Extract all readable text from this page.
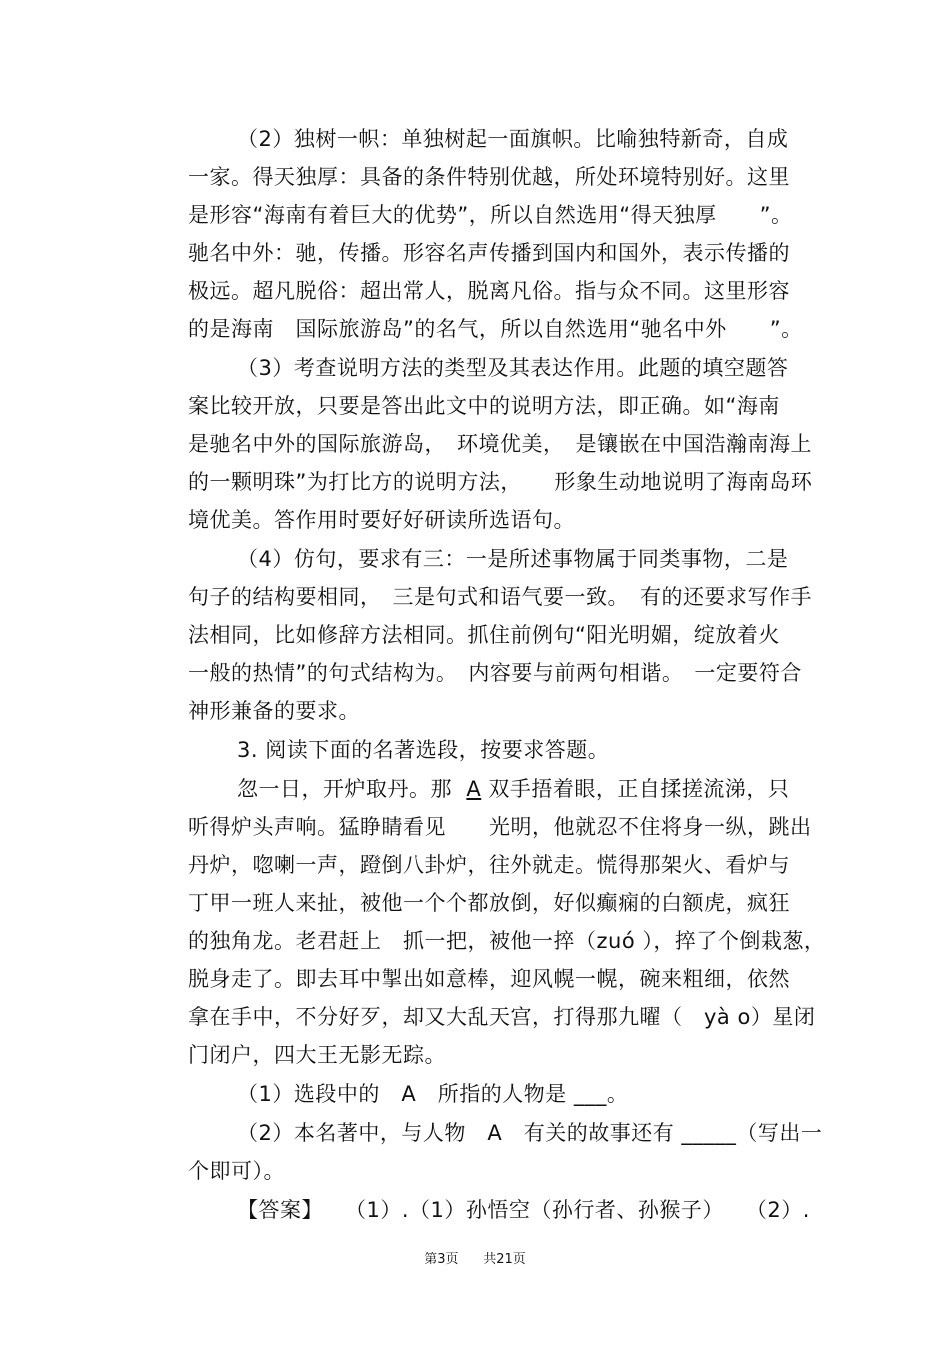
（2）独树一帜：单独树起一面旗帜。比喻独特新奇，自成
一家。得天独厚：具备的条件特别优越，所处环境特别好。这里
是形容“海南有着巨大的优势”，所以自然选用“得天独厚　　”。
驰名中外：驰，传播。形容名声传播到国内和国外，表示传播的
极远。超凡脱俗：超出常人，脱离凡俗。指与众不同。这里形容
的是海南　国际旅游岛”的名气，所以自然选用“驰名中外　　”。
（3）考查说明方法的类型及其表达作用。此题的填空题答
案比较开放，只要是答出此文中的说明方法，即正确。如“海南
是驰名中外的国际旅游岛，　环境优美，　是镶嵌在中国浩瀚南海上
的一颗明珠”为打比方的说明方法，　　形象生动地说明了海南岛环
境优美。答作用时要好好研读所选语句。
（4）仿句，要求有三：一是所述事物属于同类事物，二是
句子的结构要相同，　三是句式和语气要一致。　有的还要求写作手
法相同，比如修辞方法相同。抓住前例句“阳光明媚，绽放着火
一般的热情”的句式结构为。　内容要与前两句相谐。　一定要符合
神形兼备的要求。
3. 阅读下面的名著选段，按要求答题。
忽一日，开炉取丹。那 A 双手捂着眼，正自揉搓流涕，只
听得炉头声响。猛睁睛看见　　光明，他就忍不住将身一纵，跳出
丹炉，唿喇一声，蹬倒八卦炉，往外就走。慌得那架火、看炉与
丁甲一班人来扯，被他一个个都放倒，好似癫痫的白额虎，疯狂
的独角龙。老君赶上　抓一把，被他一捽（zuó ），捽了个倒栽葱，
脱身走了。即去耳中掣出如意棒，迎风幌一幌，碗来粗细，依然
拿在手中，不分好歹，却又大乱天宫，打得那九曜（　yà o）星闭
门闭户，四大王无影无踪。
（1）选段中的　A　所指的人物是 ___。
（2）本名著中，与人物　A　有关的故事还有 _____（写出一
个即可）。
【答案】　　（1）.（1）孙悟空（孙行者、孙猴子）　　（2）.
第3页 共21页
